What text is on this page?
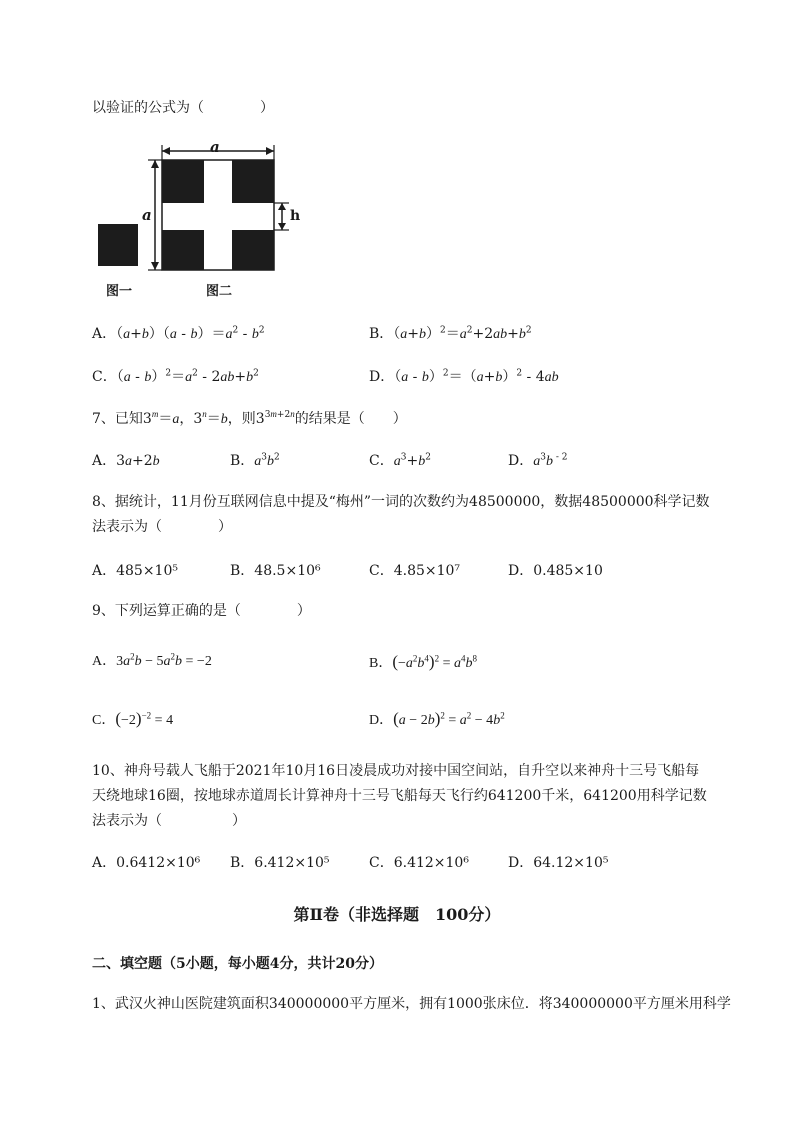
以验证的公式为（　　　　）
a
a	h
图一	图二
A．$(a+b)(a - b)=a^2 - b^2$	B．$(a+b)^2=a^2+2ab+b^2$
C．$(a - b)^2=a^2 - 2ab+b^2$	D．$(a - b)^2=(a+b)^2 - 4ab$
7、已知$3^m=a$，$3^n=b$，则$3^{3m+2n}$的结果是（　　）
A．3a+2b	B．$a^3b^2$	C．$a^3+b^2$	D．$a^3b$ $^{- 2}$
8、据统计，11月份互联网信息中提及“梅州”一词的次数约为48500000，数据48500000科学记数
法表示为（　　　　）
A．485×10⁵	B．48.5×10⁶	C．4.85×10⁷	D．0.485×10
9、下列运算正确的是（　　　　）
A．$3a^2b - 5a^2b = -2$	B．$(-a^2b^4)^2 = a^4b^8$
C．$(-2)^{-2} = 4$	D．$(a - 2b)^2 = a^2 - 4b^2$
10、神舟号载人飞船于2021年10月16日凌晨成功对接中国空间站，自升空以来神舟十三号飞船每
天绕地球16圈，按地球赤道周长计算神舟十三号飞船每天飞行约641200千米，641200用科学记数
法表示为（　　　　　）
A．0.6412×10⁶ B．6.412×10⁵	C．6.412×10⁶	D．64.12×10⁵
第Ⅱ卷（非选择题　100分）
二、填空题（5小题，每小题4分，共计20分）
1、武汉火神山医院建筑面积340000000平方厘米，拥有1000张床位．将340000000平方厘米用科学
